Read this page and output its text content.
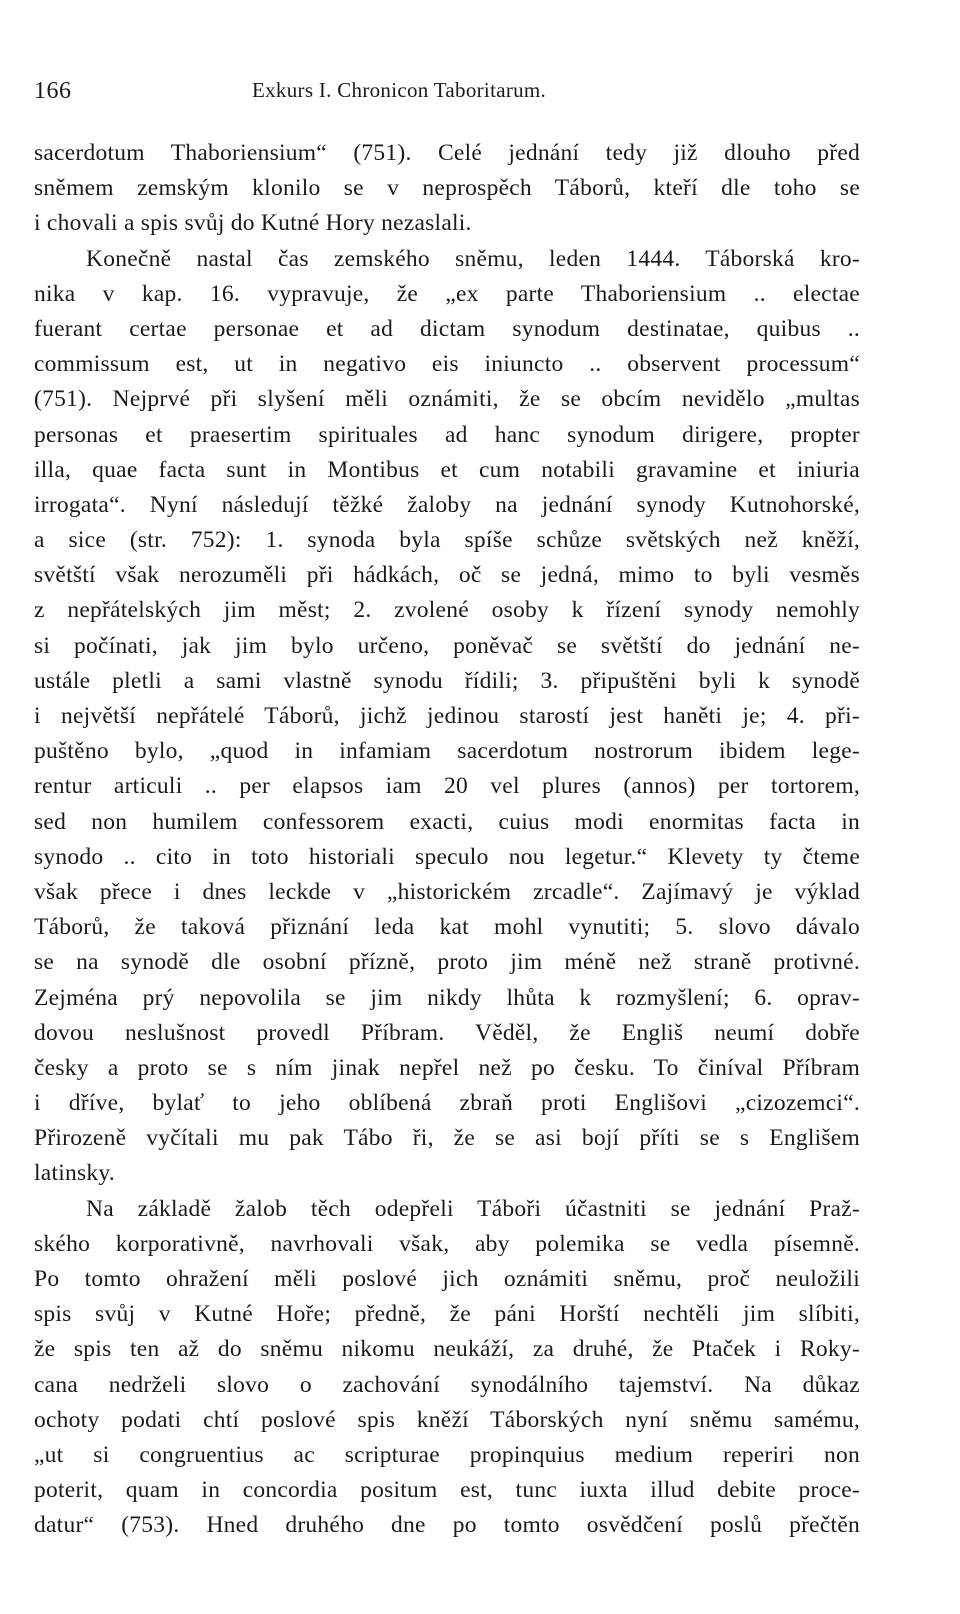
166	Exkurs I. Chronicon Taboritarum.
sacerdotum Thaboriensium“ (751). Celé jednání tedy již dlouho před
sněmem zemským klonilo se v neprospěch Táborů, kteří dle toho se
i chovali a spis svůj do Kutné Hory nezaslali.
Konečně nastal čas zemského sněmu, leden 1444. Táborská kro-
nika v kap. 16. vypravuje, že „ex parte Thaboriensium .. electae
fuerant certae personae et ad dictam synodum destinatae, quibus ..
commissum est, ut in negativo eis iniuncto .. observent processum“
(751). Nejprvé při slyšení měli oznámiti, že se obcím nevidělo „multas
personas et praesertim spirituales ad hanc synodum dirigere, propter
illa, quae facta sunt in Montibus et cum notabili gravamine et iniuria
irrogata“. Nyní následují těžké žaloby na jednání synody Kutnohorské,
a sice (str. 752): 1. synoda byla spíše schůze světských než kněží,
světští však nerozuměli při hádkách, oč se jedná, mimo to byli vesměs
z nepřátelských jim měst; 2. zvolené osoby k řízení synody nemohly
si počínati, jak jim bylo určeno, poněvač se světští do jednání ne-
ustále pletli a sami vlastně synodu řídili; 3. připuštěni byli k synodě
i největší nepřátelé Táborů, jichž jedinou starostí jest haněti je; 4. při-
puštěno bylo, „quod in infamiam sacerdotum nostrorum ibidem lege-
rentur articuli .. per elapsos iam 20 vel plures (annos) per tortorem,
sed non humilem confessorem exacti, cuius modi enormitas facta in
synodo .. cito in toto historiali speculo nou legetur.“ Klevety ty čteme
však přece i dnes leckde v „historickém zrcadle“. Zajímavý je výklad
Táborů, že taková přiznání leda kat mohl vynutiti; 5. slovo dávalo
se na synodě dle osobní přízně, proto jim méně než straně protivné.
Zejména prý nepovolila se jim nikdy lhůta k rozmyšlení; 6. oprav-
dovou neslušnost provedl Příbram. Věděl, že Engliš neumí dobře
česky a proto se s ním jinak nepřel než po česku. To činíval Příbram
i dříve, bylať to jeho oblíbená zbraň proti Englišovi „cizozemci“.
Přirozeně vyčítali mu pak Tábo ři, že se asi bojí příti se s Englišem
latinsky.
Na základě žalob těch odepřeli Táboři účastniti se jednání Praž-
ského korporativně, navrhovali však, aby polemika se vedla písemně.
Po tomto ohražení měli poslové jich oznámiti sněmu, proč neuložili
spis svůj v Kutné Hoře; předně, že páni Horští nechtěli jim slíbiti,
že spis ten až do sněmu nikomu neukáží, za druhé, že Ptaček i Roky-
cana nedrželi slovo o zachování synodálního tajemství. Na důkaz
ochoty podati chtí poslové spis kněží Táborských nyní sněmu samému,
„ut si congruentius ac scripturae propinquius medium reperiri non
poterit, quam in concordia positum est, tunc iuxta illud debite proce-
datur“ (753). Hned druhého dne po tomto osvědčení poslů přečtěn
